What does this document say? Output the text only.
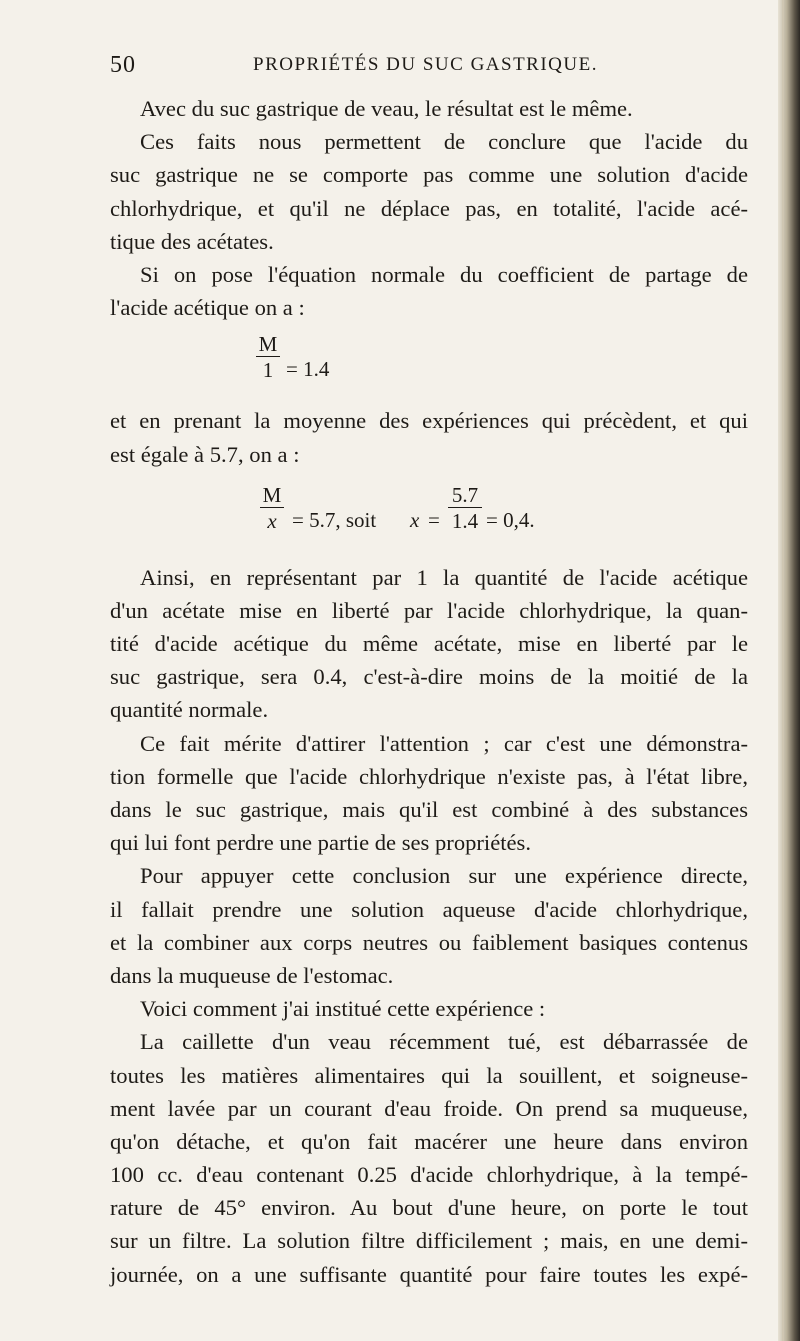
50	PROPRIÉTÉS DU SUC GASTRIQUE.
Avec du suc gastrique de veau, le résultat est le même.
Ces faits nous permettent de conclure que l'acide du
suc gastrique ne se comporte pas comme une solution d'acide
chlorhydrique, et qu'il ne déplace pas, en totalité, l'acide acé-
tique des acétates.
Si on pose l'équation normale du coefficient de partage de
l'acide acétique on a :
M
1 = 1.4
et en prenant la moyenne des expériences qui précèdent, et qui
est égale à 5.7, on a :
M
x = 5.7, soit x =
5.7
1.4 = 0,4.
Ainsi, en représentant par 1 la quantité de l'acide acétique
d'un acétate mise en liberté par l'acide chlorhydrique, la quan-
tité d'acide acétique du même acétate, mise en liberté par le
suc gastrique, sera 0.4, c'est-à-dire moins de la moitié de la
quantité normale.
Ce fait mérite d'attirer l'attention ; car c'est une démonstra-
tion formelle que l'acide chlorhydrique n'existe pas, à l'état libre,
dans le suc gastrique, mais qu'il est combiné à des substances
qui lui font perdre une partie de ses propriétés.
Pour appuyer cette conclusion sur une expérience directe,
il fallait prendre une solution aqueuse d'acide chlorhydrique,
et la combiner aux corps neutres ou faiblement basiques contenus
dans la muqueuse de l'estomac.
Voici comment j'ai institué cette expérience :
La caillette d'un veau récemment tué, est débarrassée de
toutes les matières alimentaires qui la souillent, et soigneuse-
ment lavée par un courant d'eau froide. On prend sa muqueuse,
qu'on détache, et qu'on fait macérer une heure dans environ
100 cc. d'eau contenant 0.25 d'acide chlorhydrique, à la tempé-
rature de 45° environ. Au bout d'une heure, on porte le tout
sur un filtre. La solution filtre difficilement ; mais, en une demi-
journée, on a une suffisante quantité pour faire toutes les expé-
